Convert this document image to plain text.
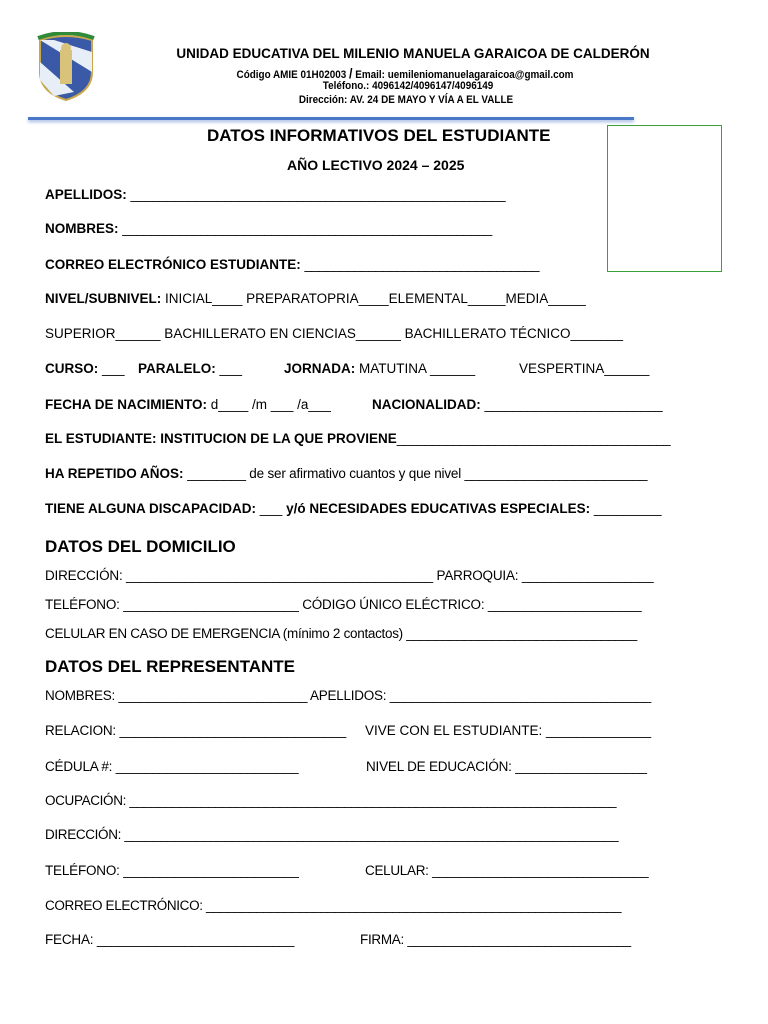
UNIDAD EDUCATIVA DEL MILENIO MANUELA GARAICOA DE CALDERÓN
Código AMIE 01H02003 / Email: uemileniomanuelagaraicoa@gmail.com
Teléfono.: 4096142/4096147/4096149
Dirección: AV. 24 DE MAYO Y VÍA A EL VALLE
DATOS INFORMATIVOS DEL ESTUDIANTE
AÑO LECTIVO 2024 – 2025
APELLIDOS: ____________________________________________________
NOMBRES: ____________________________________________________
CORREO ELECTRÓNICO ESTUDIANTE: _________________________________
NIVEL/SUBNIVEL: INICIAL____ PREPARATOPRIA____ELEMENTAL_____MEDIA_____
SUPERIOR______ BACHILLERATO EN CIENCIAS______ BACHILLERATO TÉCNICO_______
CURSO: ___ PARALELO: ___	JORNADA: MATUTINA ______	VESPERTINA______
FECHA DE NACIMIENTO: d____ /m ___ /a___	NACIONALIDAD: _________________________
EL ESTUDIANTE: INSTITUCION DE LA QUE PROVIENE_______________________________________
HA REPETIDO AÑOS: ________ de ser afirmativo cuantos y que nivel _________________________
TIENE ALGUNA DISCAPACIDAD: ___ y/ó NECESIDADES EDUCATIVAS ESPECIALES: _________
DATOS DEL DOMICILIO
DIRECCIÓN: __________________________________________ PARROQUIA: __________________
TELÉFONO: ________________________ CÓDIGO ÚNICO ELÉCTRICO: _____________________
CELULAR EN CASO DE EMERGENCIA (mínimo 2 contactos) ________________________________
DATOS DEL REPRESENTANTE
NOMBRES: __________________________ APELLIDOS: ____________________________________
RELACION: _______________________________ VIVE CON EL ESTUDIANTE: ______________
CÉDULA #: _________________________	NIVEL DE EDUCACIÓN: __________________
OCUPACIÓN: ____________________________________________________________________
DIRECCIÓN: _____________________________________________________________________
TELÉFONO: ________________________	CELULAR: ______________________________
CORREO ELECTRÓNICO: __________________________________________________________
FECHA: ___________________________	FIRMA: _______________________________
